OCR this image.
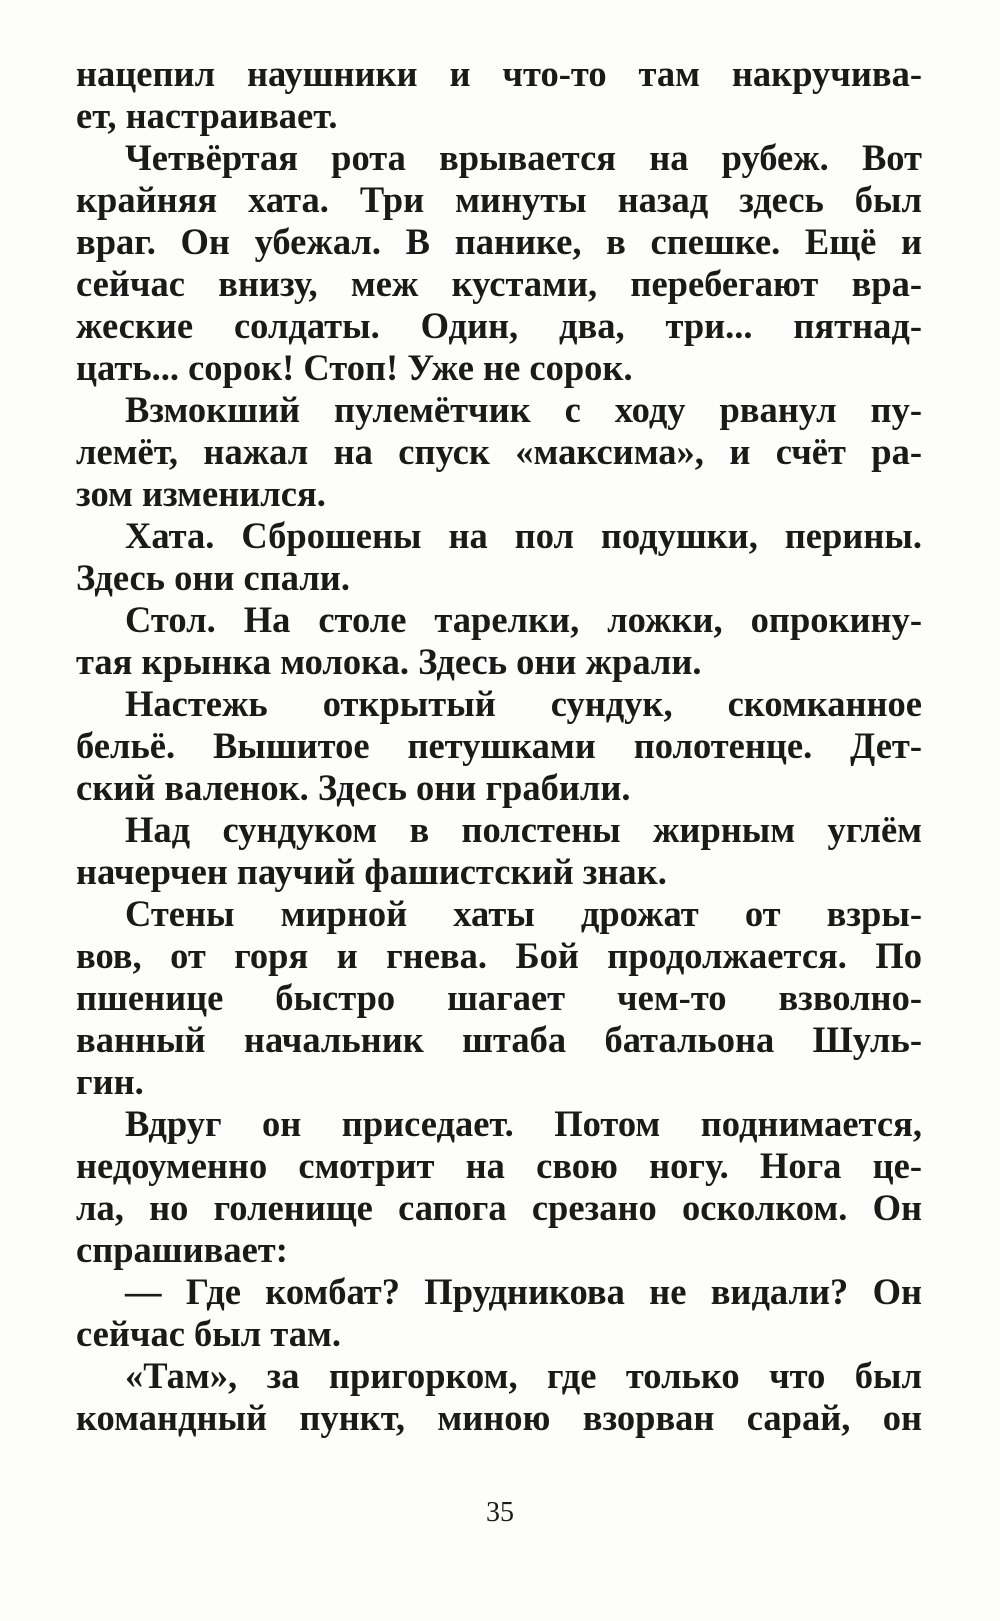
нацепил наушники и что-то там накручива-
ет, настраивает.
Четвёртая рота врывается на рубеж. Вот
крайняя хата. Три минуты назад здесь был
враг. Он убежал. В панике, в спешке. Ещё и
сейчас внизу, меж кустами, перебегают вра-
жеские солдаты. Один, два, три... пятнад-
цать... сорок! Стоп! Уже не сорок.
Взмокший пулемётчик с ходу рванул пу-
лемёт, нажал на спуск «максима», и счёт ра-
зом изменился.
Хата. Сброшены на пол подушки, перины.
Здесь они спали.
Стол. На столе тарелки, ложки, опрокину-
тая крынка молока. Здесь они жрали.
Настежь открытый сундук, скомканное
бельё. Вышитое петушками полотенце. Дет-
ский валенок. Здесь они грабили.
Над сундуком в полстены жирным углём
начерчен паучий фашистский знак.
Стены мирной хаты дрожат от взры-
вов, от горя и гнева. Бой продолжается. По
пшенице быстро шагает чем-то взволно-
ванный начальник штаба батальона Шуль-
гин.
Вдруг он приседает. Потом поднимается,
недоуменно смотрит на свою ногу. Нога це-
ла, но голенище сапога срезано осколком. Он
спрашивает:
— Где комбат? Прудникова не видали? Он
сейчас был там.
«Там», за пригорком, где только что был
командный пункт, миною взорван сарай, он
35
